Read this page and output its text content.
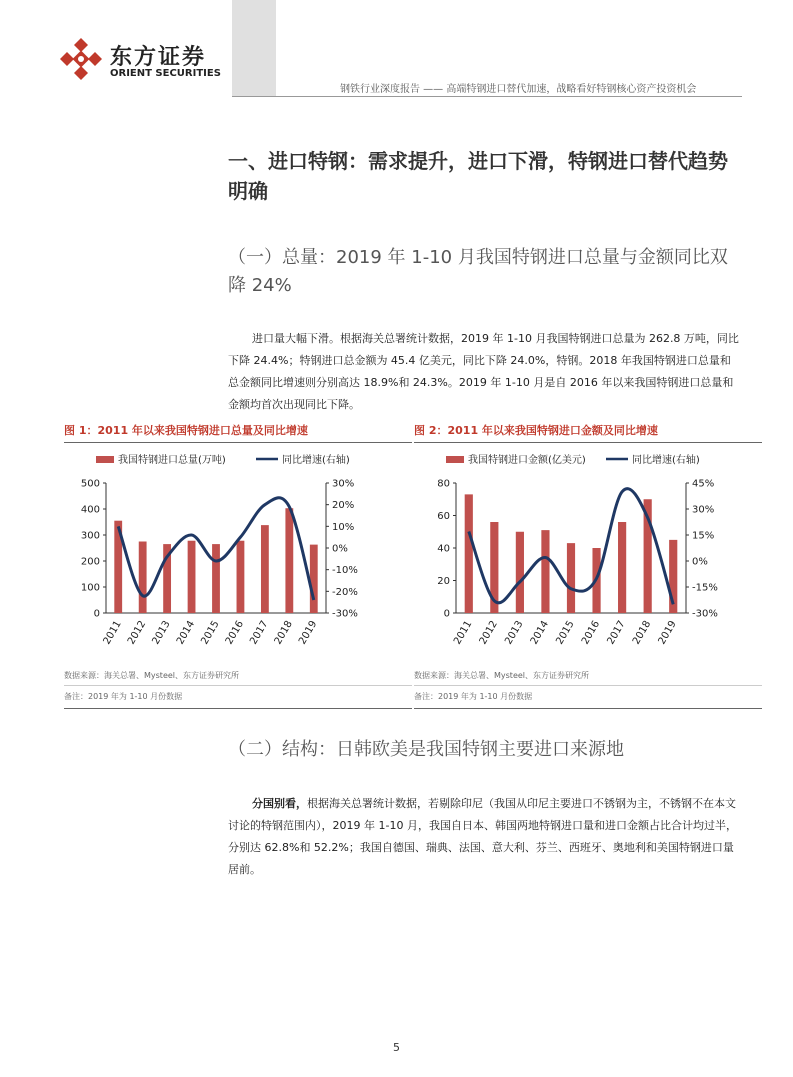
东方证券
ORIENT SECURITIES
钢铁行业深度报告 —— 高端特钢进口替代加速，战略看好特钢核心资产投资机会
一、进口特钢：需求提升，进口下滑，特钢进口替代趋势明确
（一）总量：2019 年 1-10 月我国特钢进口总量与金额同比双降 24%
进口量大幅下滑。根据海关总署统计数据，2019 年 1-10 月我国特钢进口总量为 262.8 万吨，同比下降 24.4%；特钢进口总金额为 45.4 亿美元，同比下降 24.0%，特钢。2018 年我国特钢进口总量和总金额同比增速则分别高达 18.9%和 24.3%。2019 年 1-10 月是自 2016 年以来我国特钢进口总量和金额均首次出现同比下降。
图 1：2011 年以来我国特钢进口总量及同比增速
我国特钢进口总量(万吨)	同比增速(右轴)
500
400
300
200
100
0
30%
20%
10%
0%
-10%
-20%
-30%
2011 2012 2013 2014 2015 2016 2017 2018 2019
数据来源：海关总署、Mysteel、东方证券研究所
备注：2019 年为 1-10 月份数据
图 2：2011 年以来我国特钢进口金额及同比增速
我国特钢进口金额(亿美元)	同比增速(右轴)
80
60
40
20
0
45%
30%
15%
0%
-15%
-30%
2011 2012 2013 2014 2015 2016 2017 2018 2019
数据来源：海关总署、Mysteel、东方证券研究所
备注：2019 年为 1-10 月份数据
（二）结构：日韩欧美是我国特钢主要进口来源地
分国别看，根据海关总署统计数据，若剔除印尼（我国从印尼主要进口不锈钢为主，不锈钢不在本文讨论的特钢范围内），2019 年 1-10 月，我国自日本、韩国两地特钢进口量和进口金额占比合计均过半，分别达 62.8%和 52.2%；我国自德国、瑞典、法国、意大利、芬兰、西班牙、奥地利和美国特钢进口量居前。
5
